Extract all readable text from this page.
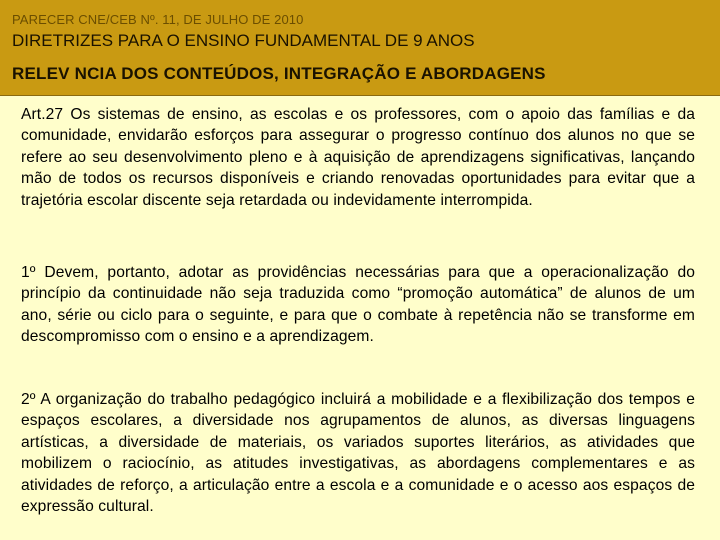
PARECER CNE/CEB Nº. 11, DE JULHO DE 2010
DIRETRIZES PARA O ENSINO FUNDAMENTAL DE 9 ANOS
RELEV NCIA DOS CONTEÚDOS, INTEGRAÇÃO E ABORDAGENS

Art.27 Os sistemas de ensino, as escolas e os professores, com o apoio das famílias e da comunidade, envidarão esforços para assegurar o progresso contínuo dos alunos no que se refere ao seu desenvolvimento pleno e à aquisição de aprendizagens significativas, lançando mão de todos os recursos disponíveis e criando renovadas oportunidades para evitar que a trajetória escolar discente seja retardada ou indevidamente interrompida.

1º Devem, portanto, adotar as providências necessárias para que a operacionalização do princípio da continuidade não seja traduzida como “promoção automática” de alunos de um ano, série ou ciclo para o seguinte, e para que o combate à repetência não se transforme em descompromisso com o ensino e a aprendizagem.

2º A organização do trabalho pedagógico incluirá a mobilidade e a flexibilização dos tempos e espaços escolares, a diversidade nos agrupamentos de alunos, as diversas linguagens artísticas, a diversidade de materiais, os variados suportes literários, as atividades que mobilizem o raciocínio, as atitudes investigativas, as abordagens complementares e as atividades de reforço, a articulação entre a escola e a comunidade e o acesso aos espaços de expressão cultural.
